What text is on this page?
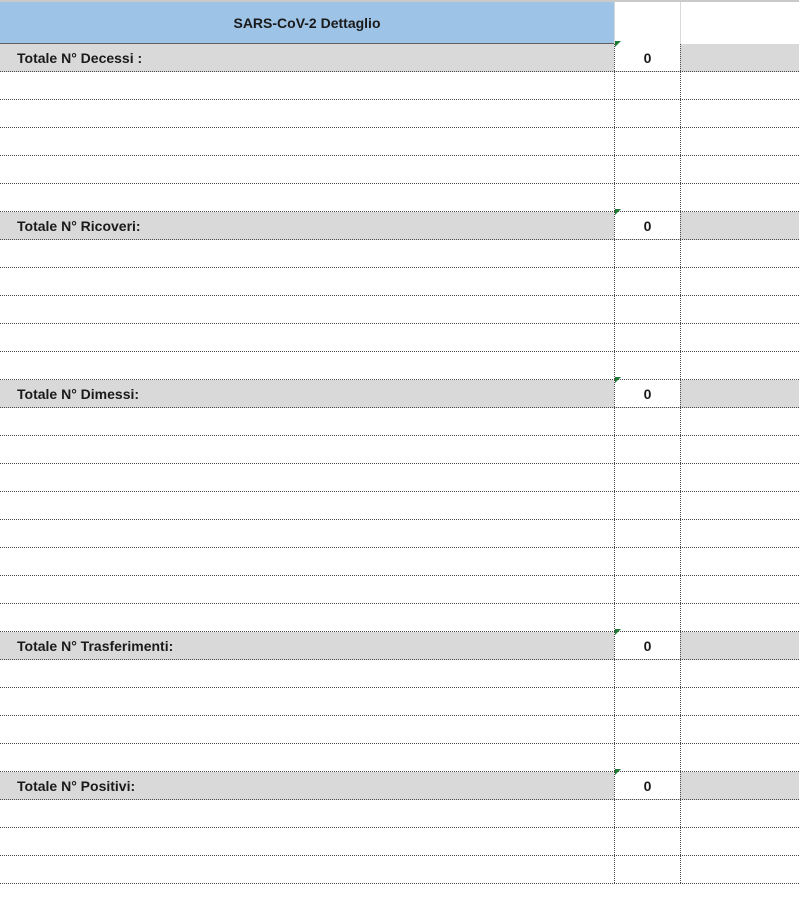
SARS-CoV-2 Dettaglio
Totale N° Decessi :	0
Totale N° Ricoveri:	0
Totale N° Dimessi:	0
Totale N° Trasferimenti:	0
Totale N° Positivi:	0
